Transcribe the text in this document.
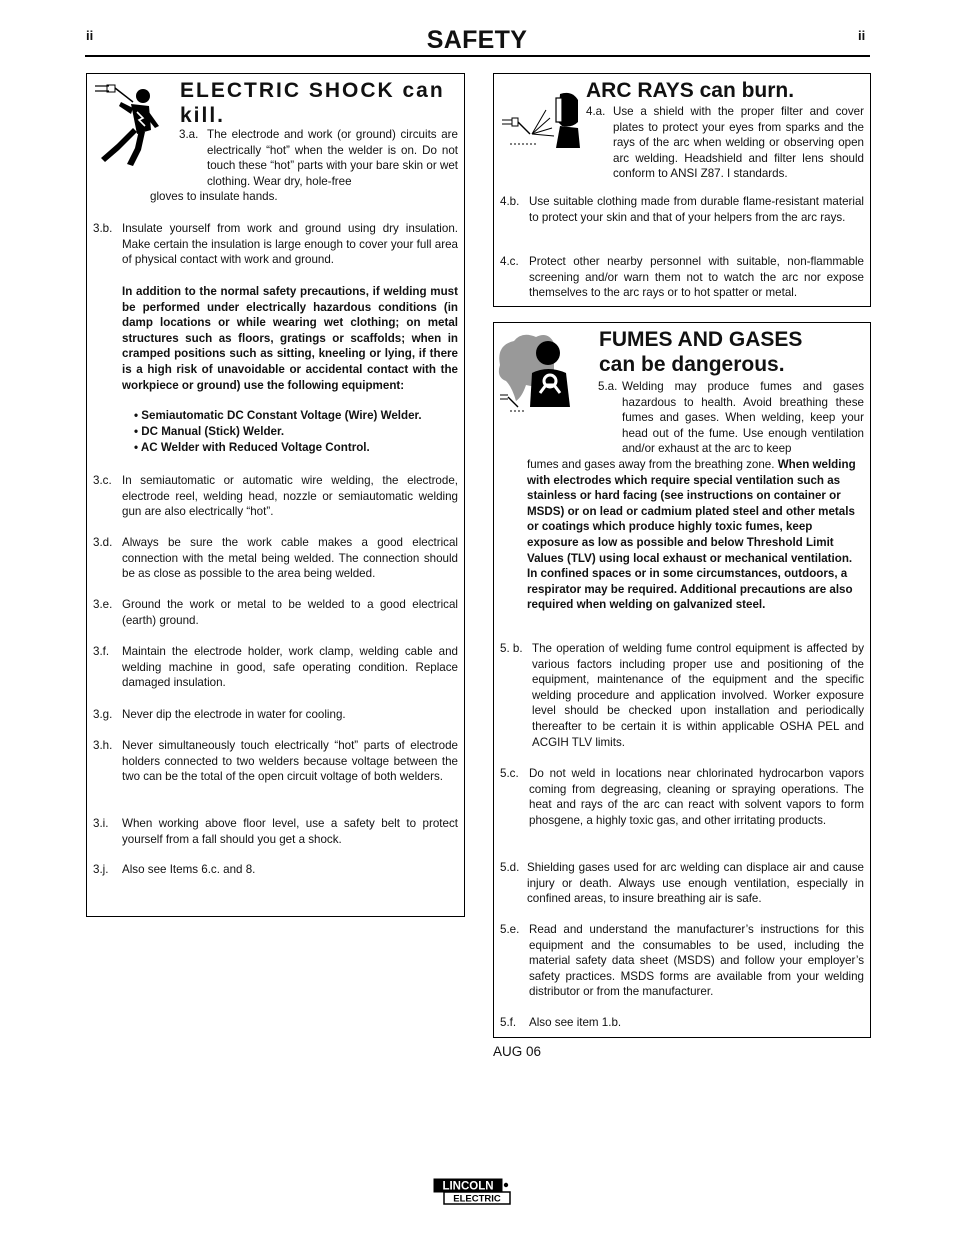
ii	SAFETY	ii
ELECTRIC SHOCK can kill.
3.a. The electrode and work (or ground) circuits are electrically “hot” when the welder is on. Do not touch these “hot” parts with your bare skin or wet clothing. Wear dry, hole-free
gloves to insulate hands.
3.b. Insulate yourself from work and ground using dry insulation. Make certain the insulation is large enough to cover your full area of physical contact with work and ground.
In addition to the normal safety precautions, if welding must be performed under electrically hazardous conditions (in damp locations or while wearing wet clothing; on metal structures such as floors, gratings or scaffolds; when in cramped positions such as sitting, kneeling or lying, if there is a high risk of unavoidable or accidental contact with the workpiece or ground) use the following equipment:
• Semiautomatic DC Constant Voltage (Wire) Welder.
• DC Manual (Stick) Welder.
• AC Welder with Reduced Voltage Control.
3.c. In semiautomatic or automatic wire welding, the electrode, electrode reel, welding head, nozzle or semiautomatic welding gun are also electrically “hot”.
3.d. Always be sure the work cable makes a good electrical connection with the metal being welded. The connection should be as close as possible to the area being welded.
3.e. Ground the work or metal to be welded to a good electrical (earth) ground.
3.f. Maintain the electrode holder, work clamp, welding cable and welding machine in good, safe operating condition. Replace damaged insulation.
3.g. Never dip the electrode in water for cooling.
3.h. Never simultaneously touch electrically “hot” parts of electrode holders connected to two welders because voltage between the two can be the total of the open circuit voltage of both welders.
3.i. When working above floor level, use a safety belt to protect yourself from a fall should you get a shock.
3.j. Also see Items 6.c. and 8.
ARC RAYS can burn.
4.a. Use a shield with the proper filter and cover plates to protect your eyes from sparks and the rays of the arc when welding or observing open arc welding. Headshield and filter lens should conform to ANSI Z87. I standards.
4.b. Use suitable clothing made from durable flame-resistant material to protect your skin and that of your helpers from the arc rays.
4.c. Protect other nearby personnel with suitable, non-flammable screening and/or warn them not to watch the arc nor expose themselves to the arc rays or to hot spatter or metal.
FUMES AND GASES
can be dangerous.
5.a. Welding may produce fumes and gases hazardous to health. Avoid breathing these fumes and gases. When welding, keep your head out of the fume. Use enough ventilation and/or exhaust at the arc to keep
fumes and gases away from the breathing zone. When welding with electrodes which require special ventilation such as stainless or hard facing (see instructions on container or MSDS) or on lead or cadmium plated steel and other metals or coatings which produce highly toxic fumes, keep exposure as low as possible and below Threshold Limit Values (TLV) using local exhaust or mechanical ventilation. In confined spaces or in some circumstances, outdoors, a respirator may be required. Additional precautions are also required when welding on galvanized steel.
5. b. The operation of welding fume control equipment is affected by various factors including proper use and positioning of the equipment, maintenance of the equipment and the specific welding procedure and application involved. Worker exposure level should be checked upon installation and periodically thereafter to be certain it is within applicable OSHA PEL and ACGIH TLV limits.
5.c. Do not weld in locations near chlorinated hydrocarbon vapors coming from degreasing, cleaning or spraying operations. The heat and rays of the arc can react with solvent vapors to form phosgene, a highly toxic gas, and other irritating products.
5.d. Shielding gases used for arc welding can displace air and cause injury or death. Always use enough ventilation, especially in confined areas, to insure breathing air is safe.
5.e. Read and understand the manufacturer’s instructions for this equipment and the consumables to be used, including the material safety data sheet (MSDS) and follow your employer’s safety practices. MSDS forms are available from your welding distributor or from the manufacturer.
5.f. Also see item 1.b.
AUG 06
LINCOLN
ELECTRIC
